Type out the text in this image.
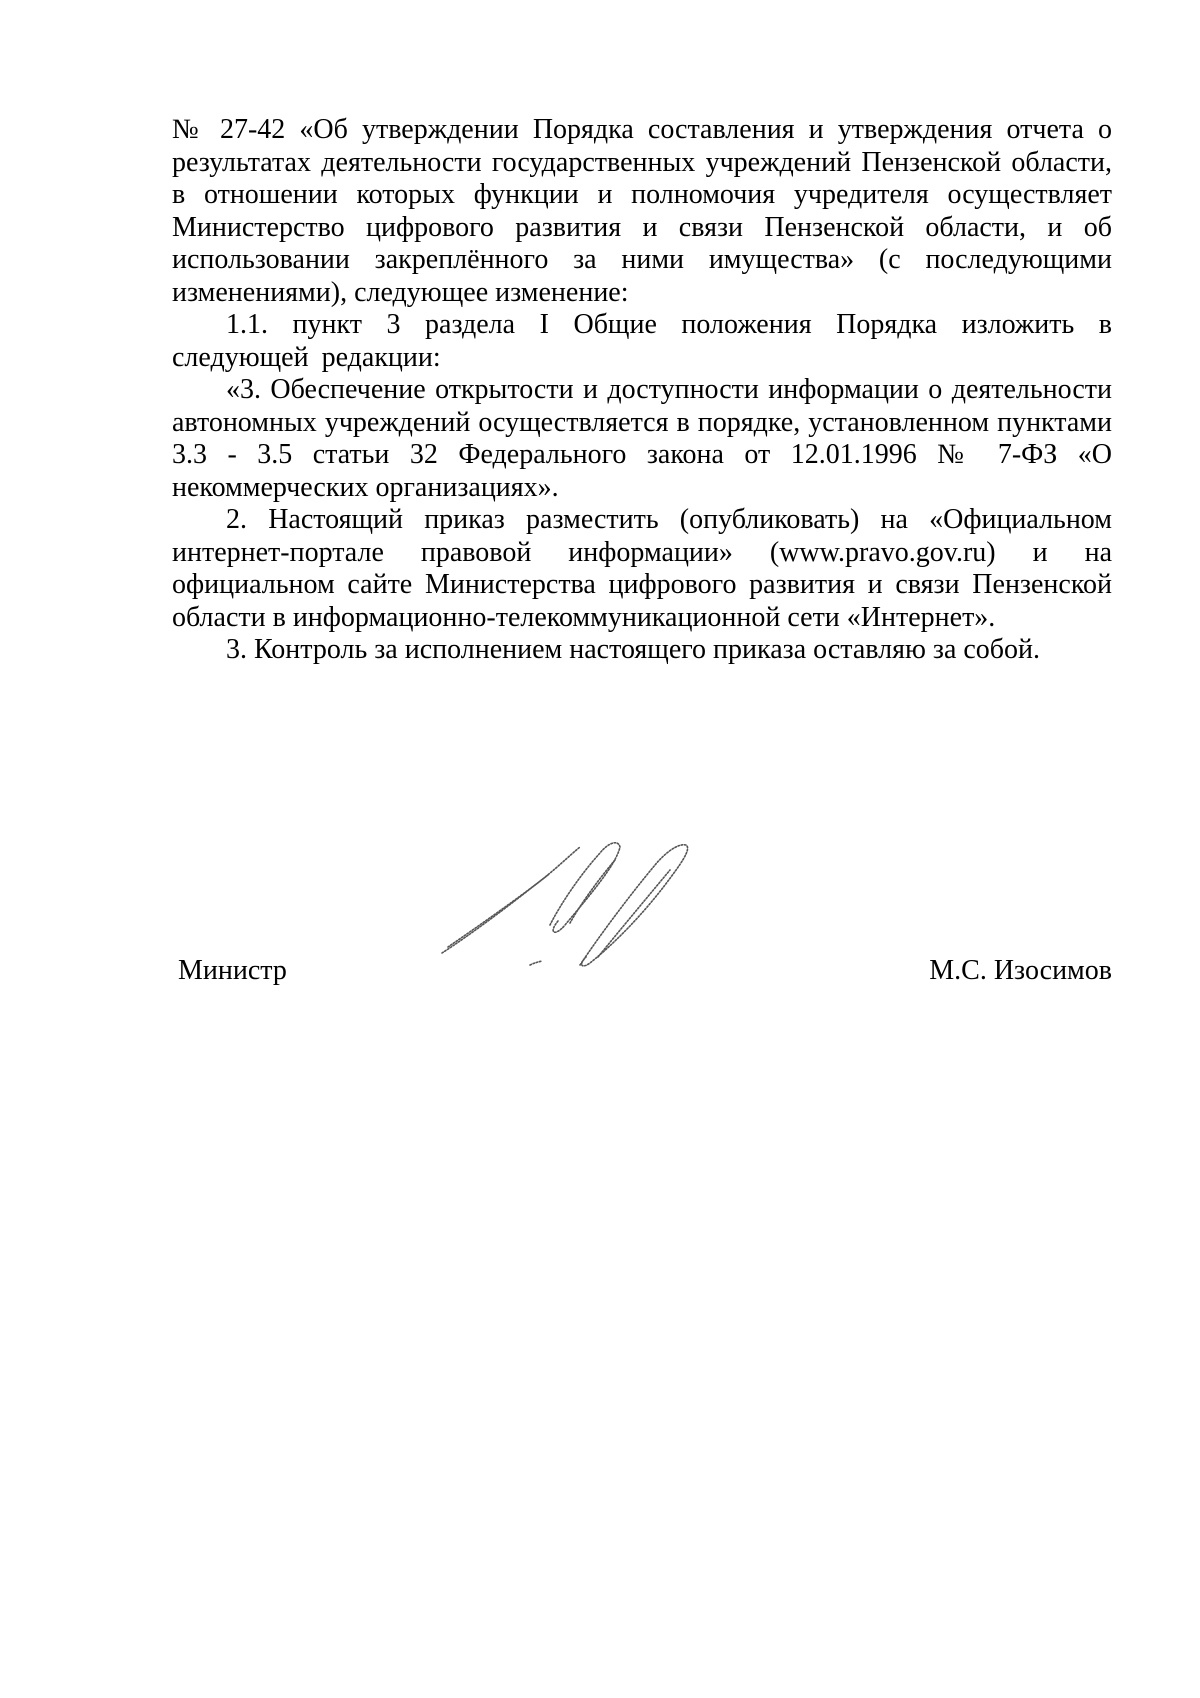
№ 27-42 «Об утверждении Порядка составления и утверждения отчета о результатах деятельности государственных учреждений Пензенской области, в отношении которых функции и полномочия учредителя осуществляет Министерство цифрового развития и связи Пензенской области, и об использовании закреплённого за ними имущества» (с последующими изменениями), следующее изменение:

1.1. пункт 3 раздела I Общие положения Порядка изложить в следующей редакции:

«3. Обеспечение открытости и доступности информации о деятельности автономных учреждений осуществляется в порядке, установленном пунктами 3.3 - 3.5 статьи 32 Федерального закона от 12.01.1996 № 7-ФЗ «О некоммерческих организациях».

2. Настоящий приказ разместить (опубликовать) на «Официальном интернет-портале правовой информации» (www.pravo.gov.ru) и на официальном сайте Министерства цифрового развития и связи Пензенской области в информационно-телекоммуникационной сети «Интернет».

3. Контроль за исполнением настоящего приказа оставляю за собой.

Министр	М.С. Изосимов
